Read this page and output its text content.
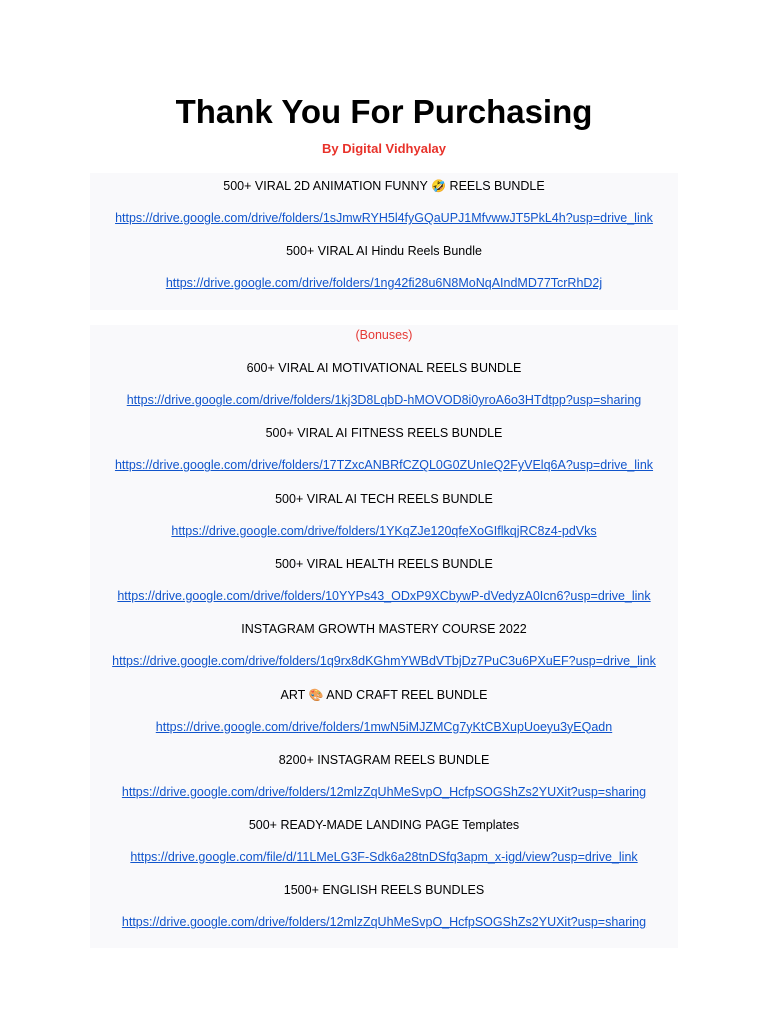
Thank You For Purchasing
By Digital Vidhyalay
500+ VIRAL 2D ANIMATION FUNNY 🤣 REELS BUNDLE
https://drive.google.com/drive/folders/1sJmwRYH5l4fyGQaUPJ1MfvwwJT5PkL4h?usp=drive_link
500+ VIRAL AI Hindu Reels Bundle
https://drive.google.com/drive/folders/1ng42fi28u6N8MoNqAIndMD77TcrRhD2j
(Bonuses)
600+ VIRAL AI MOTIVATIONAL REELS BUNDLE
https://drive.google.com/drive/folders/1kj3D8LqbD-hMOVOD8i0yroA6o3HTdtpp?usp=sharing
500+ VIRAL AI FITNESS REELS BUNDLE
https://drive.google.com/drive/folders/17TZxcANBRfCZQL0G0ZUnIeQ2FyVElq6A?usp=drive_link
500+ VIRAL AI TECH REELS BUNDLE
https://drive.google.com/drive/folders/1YKqZJe120qfeXoGIflkqjRC8z4-pdVks
500+ VIRAL HEALTH REELS BUNDLE
https://drive.google.com/drive/folders/10YYPs43_ODxP9XCbywP-dVedyzA0Icn6?usp=drive_link
INSTAGRAM GROWTH MASTERY COURSE 2022
https://drive.google.com/drive/folders/1q9rx8dKGhmYWBdVTbjDz7PuC3u6PXuEF?usp=drive_link
ART 🎨 AND CRAFT REEL BUNDLE
https://drive.google.com/drive/folders/1mwN5iMJZMCg7yKtCBXupUoeyu3yEQadn
8200+ INSTAGRAM REELS BUNDLE
https://drive.google.com/drive/folders/12mlzZqUhMeSvpO_HcfpSOGShZs2YUXit?usp=sharing
500+ READY-MADE LANDING PAGE Templates
https://drive.google.com/file/d/11LMeLG3F-Sdk6a28tnDSfq3apm_x-igd/view?usp=drive_link
1500+ ENGLISH REELS BUNDLES
https://drive.google.com/drive/folders/12mlzZqUhMeSvpO_HcfpSOGShZs2YUXit?usp=sharing
